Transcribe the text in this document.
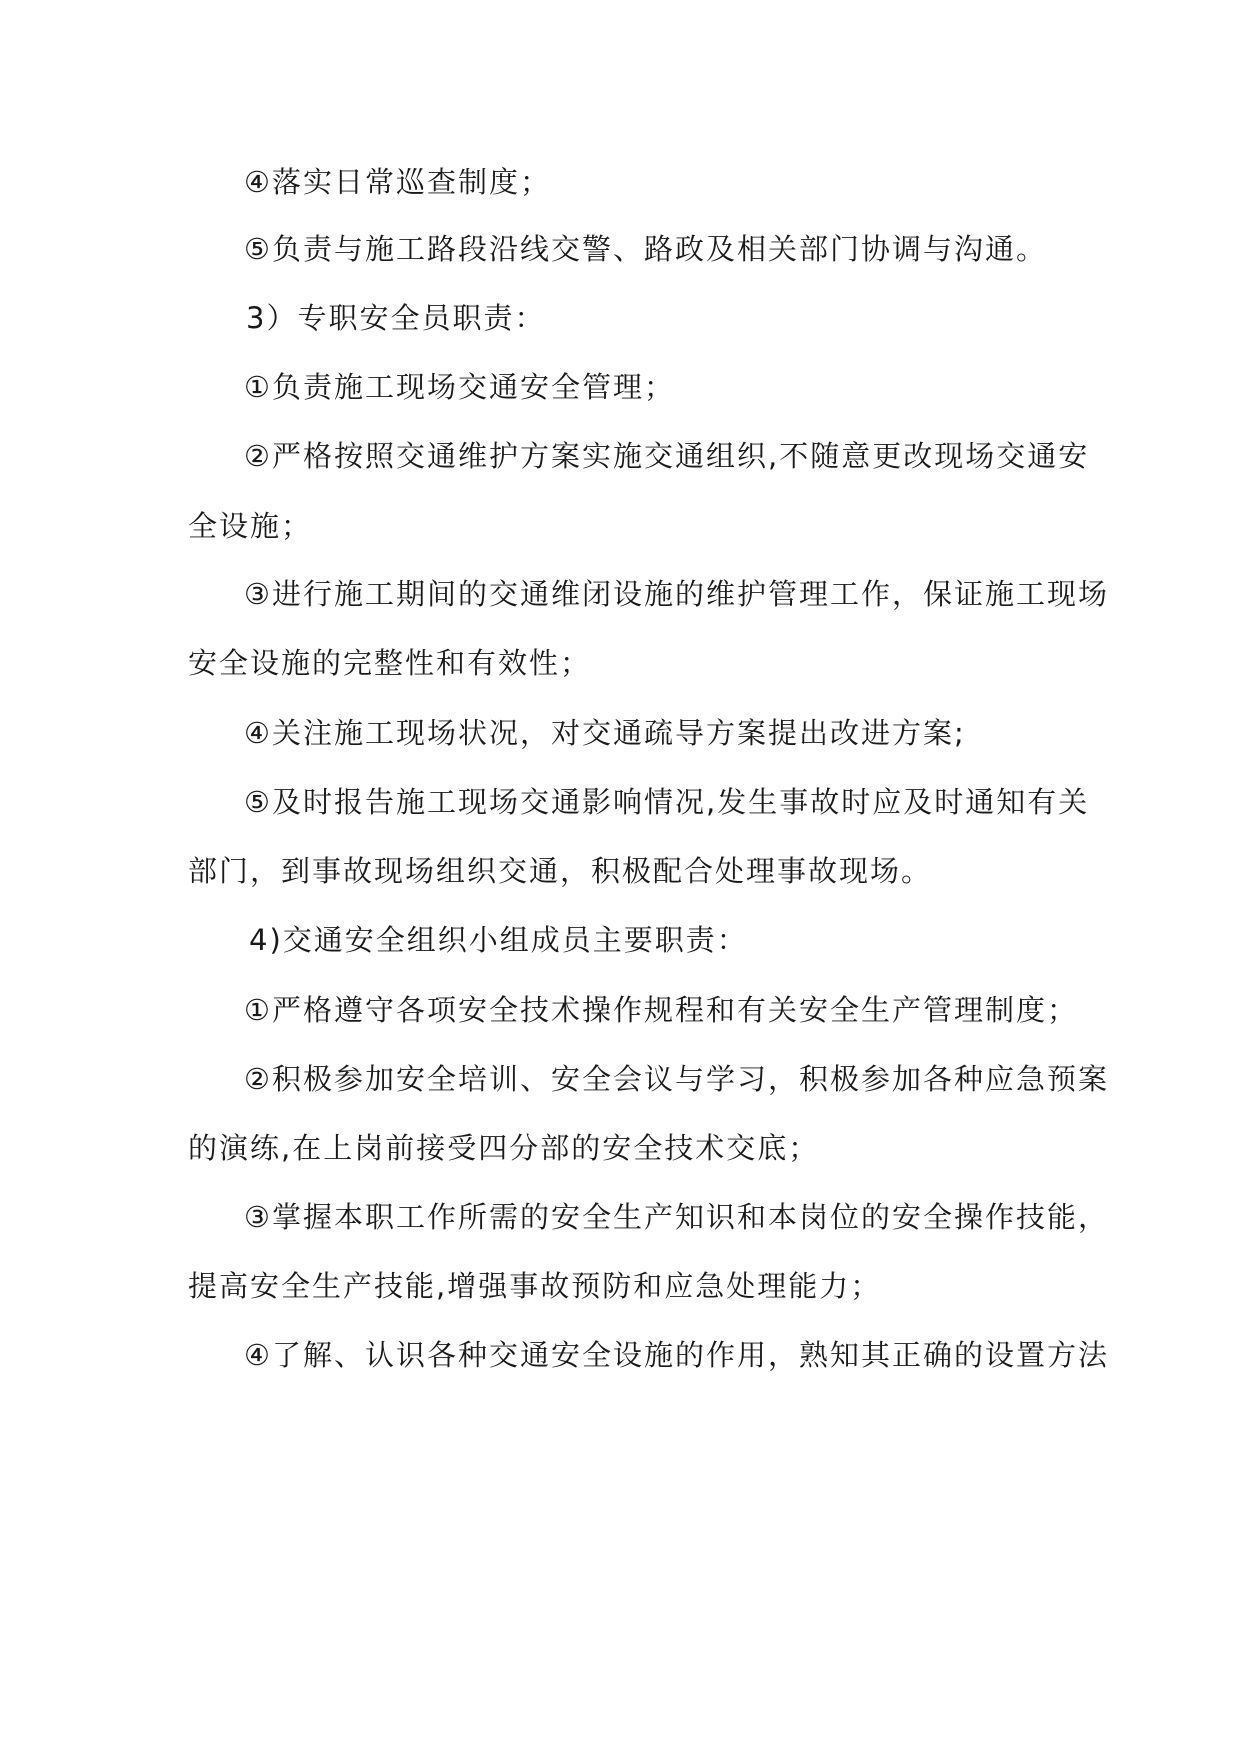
④落实日常巡查制度；
⑤负责与施工路段沿线交警、路政及相关部门协调与沟通。
3）专职安全员职责：
①负责施工现场交通安全管理；
②严格按照交通维护方案实施交通组织,不随意更改现场交通安
全设施；
③进行施工期间的交通维闭设施的维护管理工作，保证施工现场
安全设施的完整性和有效性；
④关注施工现场状况，对交通疏导方案提出改进方案;
⑤及时报告施工现场交通影响情况,发生事故时应及时通知有关
部门，到事故现场组织交通，积极配合处理事故现场。
4)交通安全组织小组成员主要职责：
①严格遵守各项安全技术操作规程和有关安全生产管理制度；
②积极参加安全培训、安全会议与学习，积极参加各种应急预案
的演练,在上岗前接受四分部的安全技术交底；
③掌握本职工作所需的安全生产知识和本岗位的安全操作技能，
提高安全生产技能,增强事故预防和应急处理能力；
④了解、认识各种交通安全设施的作用，熟知其正确的设置方法
